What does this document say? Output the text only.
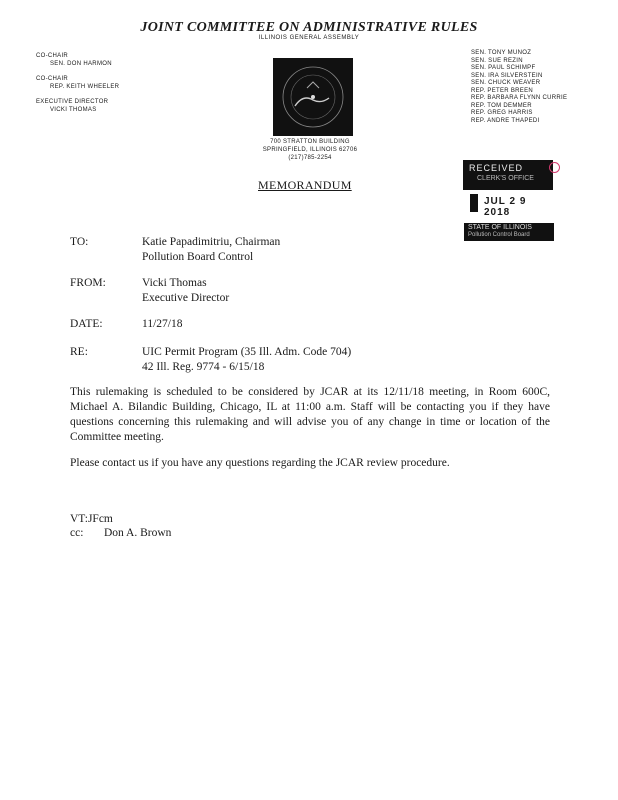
JOINT COMMITTEE ON ADMINISTRATIVE RULES
ILLINOIS GENERAL ASSEMBLY
CO-CHAIR
SEN. DON HARMON
CO-CHAIR
REP. KEITH WHEELER
EXECUTIVE DIRECTOR
VICKI THOMAS
SEN. TONY MUNOZ
SEN. SUE REZIN
SEN. PAUL SCHIMPF
SEN. IRA SILVERSTEIN
SEN. CHUCK WEAVER
REP. PETER BREEN
REP. BARBARA FLYNN CURRIE
REP. TOM DEMMER
REP. GREG HARRIS
REP. ANDRE THAPEDI
700 STRATTON BUILDING
SPRINGFIELD, ILLINOIS 62706
(217)785-2254
RECEIVED
CLERK'S OFFICE
JUL 2 9 2018
STATE OF ILLINOIS
Pollution Control Board
MEMORANDUM
TO:	Katie Papadimitriu, Chairman
Pollution Board Control
FROM:	Vicki Thomas
Executive Director
DATE:	11/27/18
RE:	UIC Permit Program (35 Ill. Adm. Code 704)
42 Ill. Reg. 9774 - 6/15/18
This rulemaking is scheduled to be considered by JCAR at its 12/11/18 meeting, in Room 600C, Michael A. Bilandic Building, Chicago, IL at 11:00 a.m. Staff will be contacting you if they have questions concerning this rulemaking and will advise you of any change in time or location of the Committee meeting.
Please contact us if you have any questions regarding the JCAR review procedure.
VT:JFcm
cc: Don A. Brown
